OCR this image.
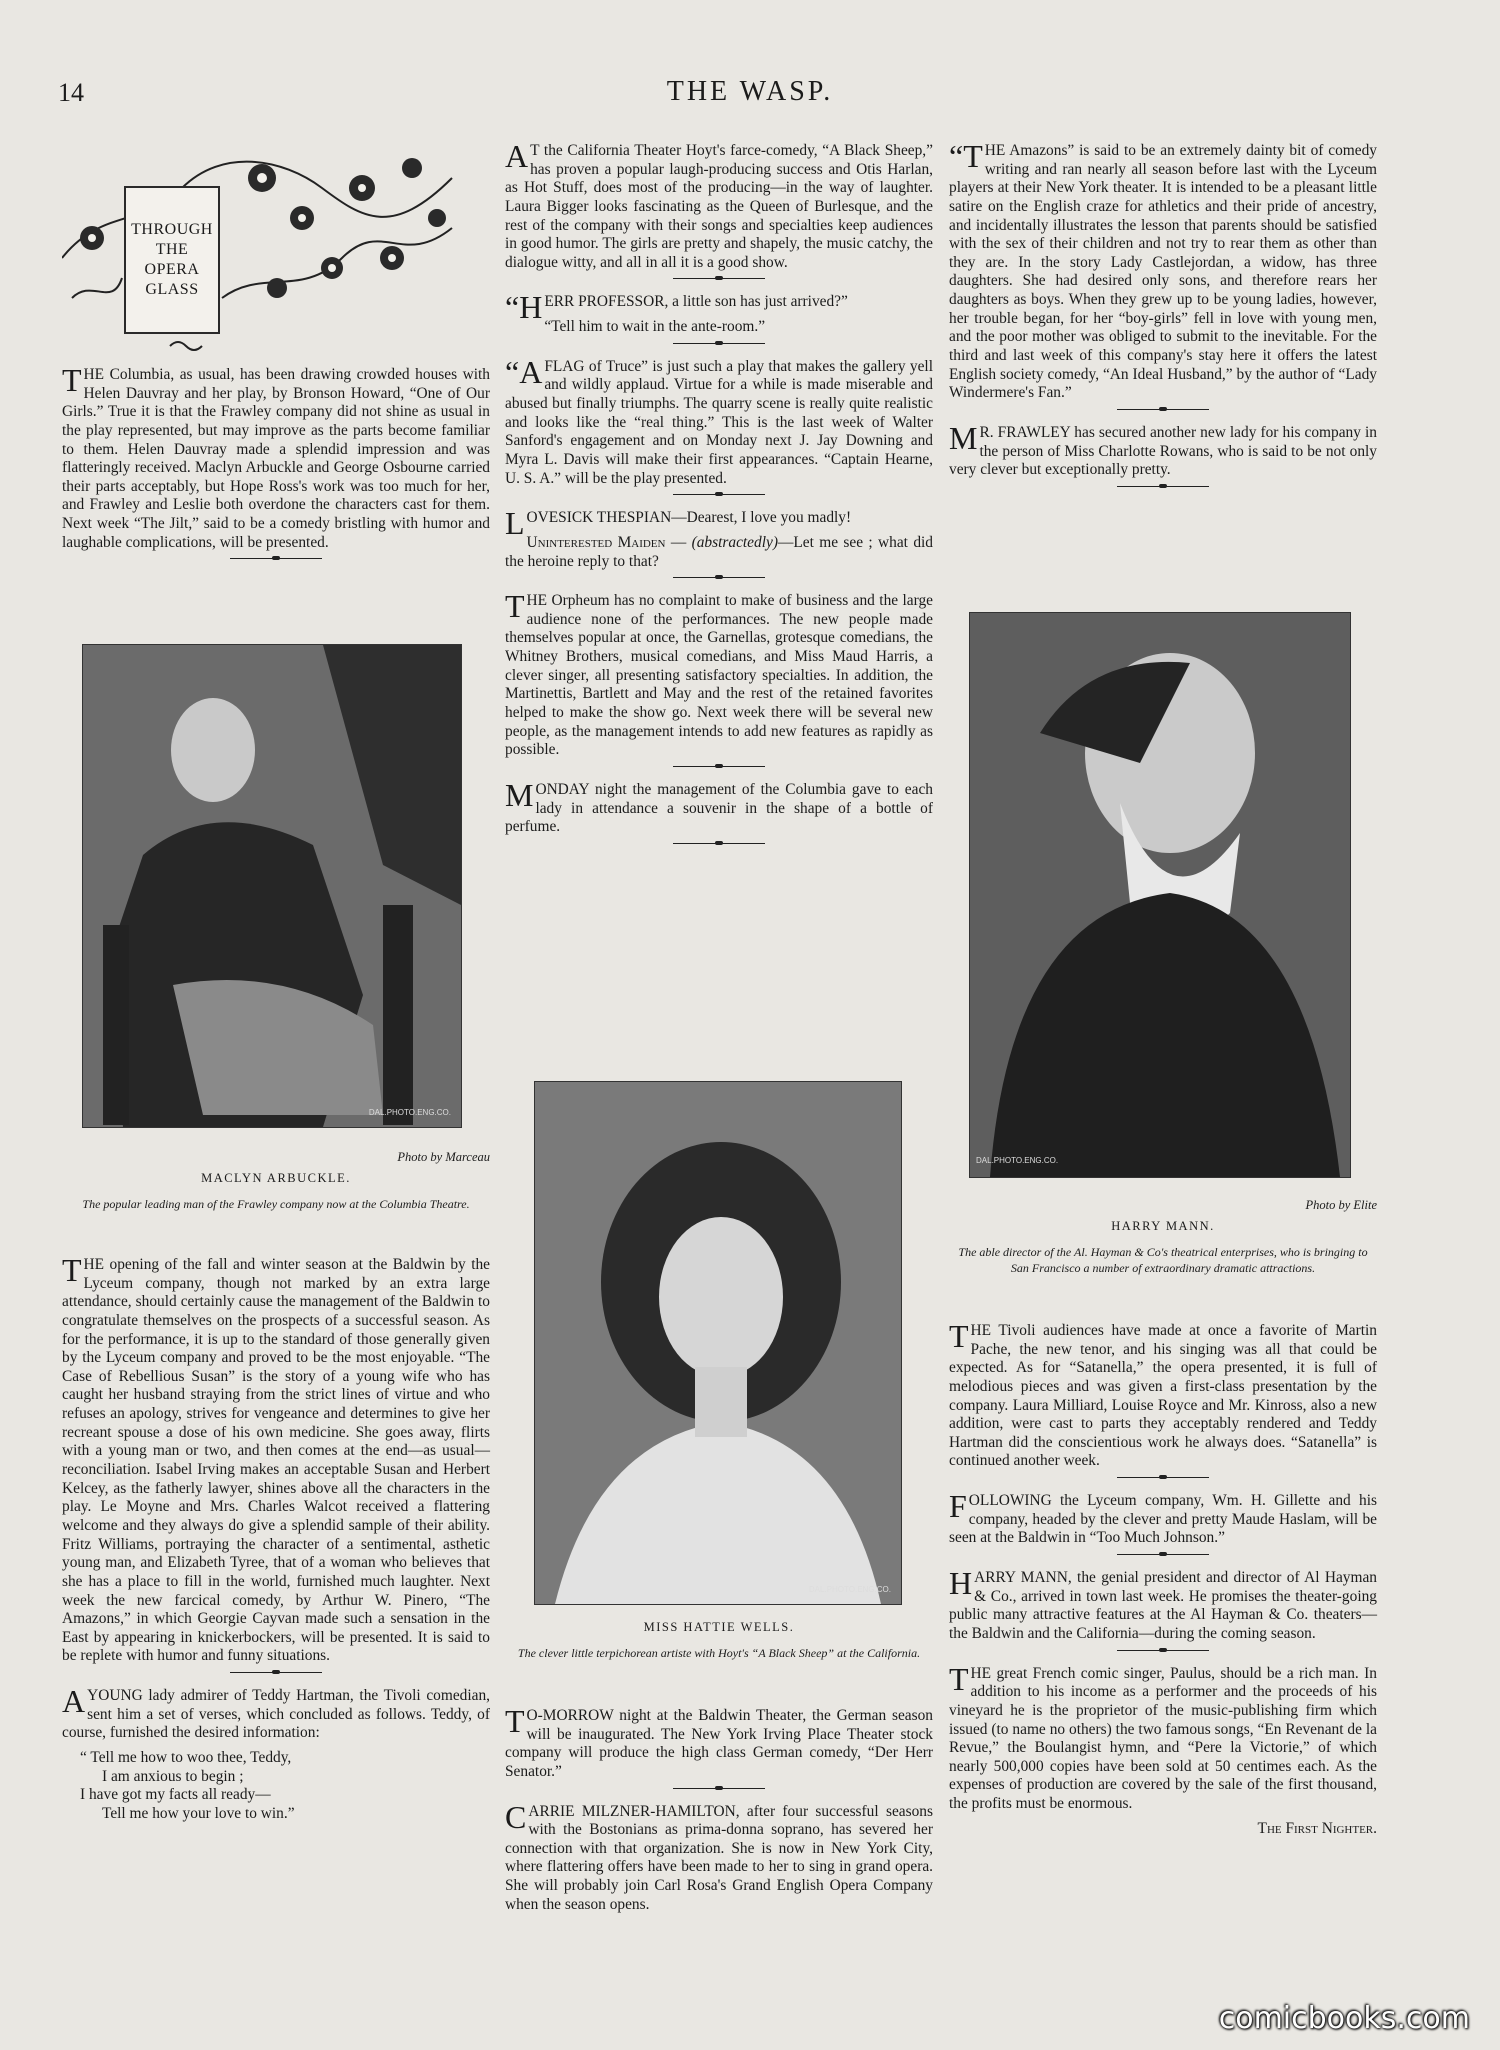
14	THE WASP.
THROUGH
THE
OPERA
GLASS

THE Columbia, as usual, has been drawing crowded houses with Helen Dauvray and her play, by Bronson Howard, “One of Our Girls.” True it is that the Frawley company did not shine as usual in the play represented, but may improve as the parts become familiar to them. Helen Dauvray made a splendid impression and was flatteringly received. Maclyn Arbuckle and George Osbourne carried their parts acceptably, but Hope Ross's work was too much for her, and Frawley and Leslie both overdone the characters cast for them. Next week “The Jilt,” said to be a comedy bristling with humor and laughable complications, will be presented.

DAL.PHOTO.ENG.CO.
Photo by Marceau
MACLYN ARBUCKLE.
The popular leading man of the Frawley company now at the Columbia Theatre.

THE opening of the fall and winter season at the Baldwin by the Lyceum company, though not marked by an extra large attendance, should certainly cause the management of the Baldwin to congratulate themselves on the prospects of a successful season. As for the performance, it is up to the standard of those generally given by the Lyceum company and proved to be the most enjoyable. “The Case of Rebellious Susan” is the story of a young wife who has caught her husband straying from the strict lines of virtue and who refuses an apology, strives for vengeance and determines to give her recreant spouse a dose of his own medicine. She goes away, flirts with a young man or two, and then comes at the end—as usual—reconciliation. Isabel Irving makes an acceptable Susan and Herbert Kelcey, as the fatherly lawyer, shines above all the characters in the play. Le Moyne and Mrs. Charles Walcot received a flattering welcome and they always do give a splendid sample of their ability. Fritz Williams, portraying the character of a sentimental, asthetic young man, and Elizabeth Tyree, that of a woman who believes that she has a place to fill in the world, furnished much laughter. Next week the new farcical comedy, by Arthur W. Pinero, “The Amazons,” in which Georgie Cayvan made such a sensation in the East by appearing in knickerbockers, will be presented. It is said to be replete with humor and funny situations.

A YOUNG lady admirer of Teddy Hartman, the Tivoli comedian, sent him a set of verses, which concluded as follows. Teddy, of course, furnished the desired information:

“ Tell me how to woo thee, Teddy,
I am anxious to begin ;
I have got my facts all ready—
Tell me how your love to win.”

A T the California Theater Hoyt's farce-comedy, “A Black Sheep,” has proven a popular laugh-producing success and Otis Harlan, as Hot Stuff, does most of the producing—in the way of laughter. Laura Bigger looks fascinating as the Queen of Burlesque, and the rest of the company with their songs and specialties keep audiences in good humor. The girls are pretty and shapely, the music catchy, the dialogue witty, and all in all it is a good show.

“HERR PROFESSOR, a little son has just arrived?”

“Tell him to wait in the ante-room.”

“A FLAG of Truce” is just such a play that makes the gallery yell and wildly applaud. Virtue for a while is made miserable and abused but finally triumphs. The quarry scene is really quite realistic and looks like the “real thing.” This is the last week of Walter Sanford's engagement and on Monday next J. Jay Downing and Myra L. Davis will make their first appearances. “Captain Hearne, U. S. A.” will be the play presented.

LOVESICK THESPIAN—Dearest, I love you madly!

Uninterested Maiden — (abstractedly)—Let me see ; what did the heroine reply to that?

THE Orpheum has no complaint to make of business and the large audience none of the performances. The new people made themselves popular at once, the Garnellas, grotesque comedians, the Whitney Brothers, musical comedians, and Miss Maud Harris, a clever singer, all presenting satisfactory specialties. In addition, the Martinettis, Bartlett and May and the rest of the retained favorites helped to make the show go. Next week there will be several new people, as the management intends to add new features as rapidly as possible.

MONDAY night the management of the Columbia gave to each lady in attendance a souvenir in the shape of a bottle of perfume.

DAL.PHOTO.ENG.CO.
MISS HATTIE WELLS.
The clever little terpichorean artiste with Hoyt's “A Black Sheep” at the California.

T O-MORROW night at the Baldwin Theater, the German season will be inaugurated. The New York Irving Place Theater stock company will produce the high class German comedy, “Der Herr Senator.”

CARRIE MILZNER-HAMILTON, after four successful seasons with the Bostonians as prima-donna soprano, has severed her connection with that organization. She is now in New York City, where flattering offers have been made to her to sing in grand opera. She will probably join Carl Rosa's Grand English Opera Company when the season opens.

“THE Amazons” is said to be an extremely dainty bit of comedy writing and ran nearly all season before last with the Lyceum players at their New York theater. It is intended to be a pleasant little satire on the English craze for athletics and their pride of ancestry, and incidentally illustrates the lesson that parents should be satisfied with the sex of their children and not try to rear them as other than they are. In the story Lady Castlejordan, a widow, has three daughters. She had desired only sons, and therefore rears her daughters as boys. When they grew up to be young ladies, however, her trouble began, for her “boy-girls” fell in love with young men, and the poor mother was obliged to submit to the inevitable. For the third and last week of this company's stay here it offers the latest English society comedy, “An Ideal Husband,” by the author of “Lady Windermere's Fan.”

M R. FRAWLEY has secured another new lady for his company in the person of Miss Charlotte Rowans, who is said to be not only very clever but exceptionally pretty.

DAL.PHOTO.ENG.CO.
Photo by Elite
HARRY MANN.
The able director of the Al. Hayman & Co's theatrical enterprises, who is bringing to San Francisco a number of extraordinary dramatic attractions.

THE Tivoli audiences have made at once a favorite of Martin Pache, the new tenor, and his singing was all that could be expected. As for “Satanella,” the opera presented, it is full of melodious pieces and was given a first-class presentation by the company. Laura Milliard, Louise Royce and Mr. Kinross, also a new addition, were cast to parts they acceptably rendered and Teddy Hartman did the conscientious work he always does. “Satanella” is continued another week.

FOLLOWING the Lyceum company, Wm. H. Gillette and his company, headed by the clever and pretty Maude Haslam, will be seen at the Baldwin in “Too Much Johnson.”

HARRY MANN, the genial president and director of Al Hayman & Co., arrived in town last week. He promises the theater-going public many attractive features at the Al Hayman & Co. theaters—the Baldwin and the California—during the coming season.

THE great French comic singer, Paulus, should be a rich man. In addition to his income as a performer and the proceeds of his vineyard he is the proprietor of the music-publishing firm which issued (to name no others) the two famous songs, “En Revenant de la Revue,” the Boulangist hymn, and “Pere la Victorie,” of which nearly 500,000 copies have been sold at 50 centimes each. As the expenses of production are covered by the sale of the first thousand, the profits must be enormous.

The First Nighter.

comicbooks.com
